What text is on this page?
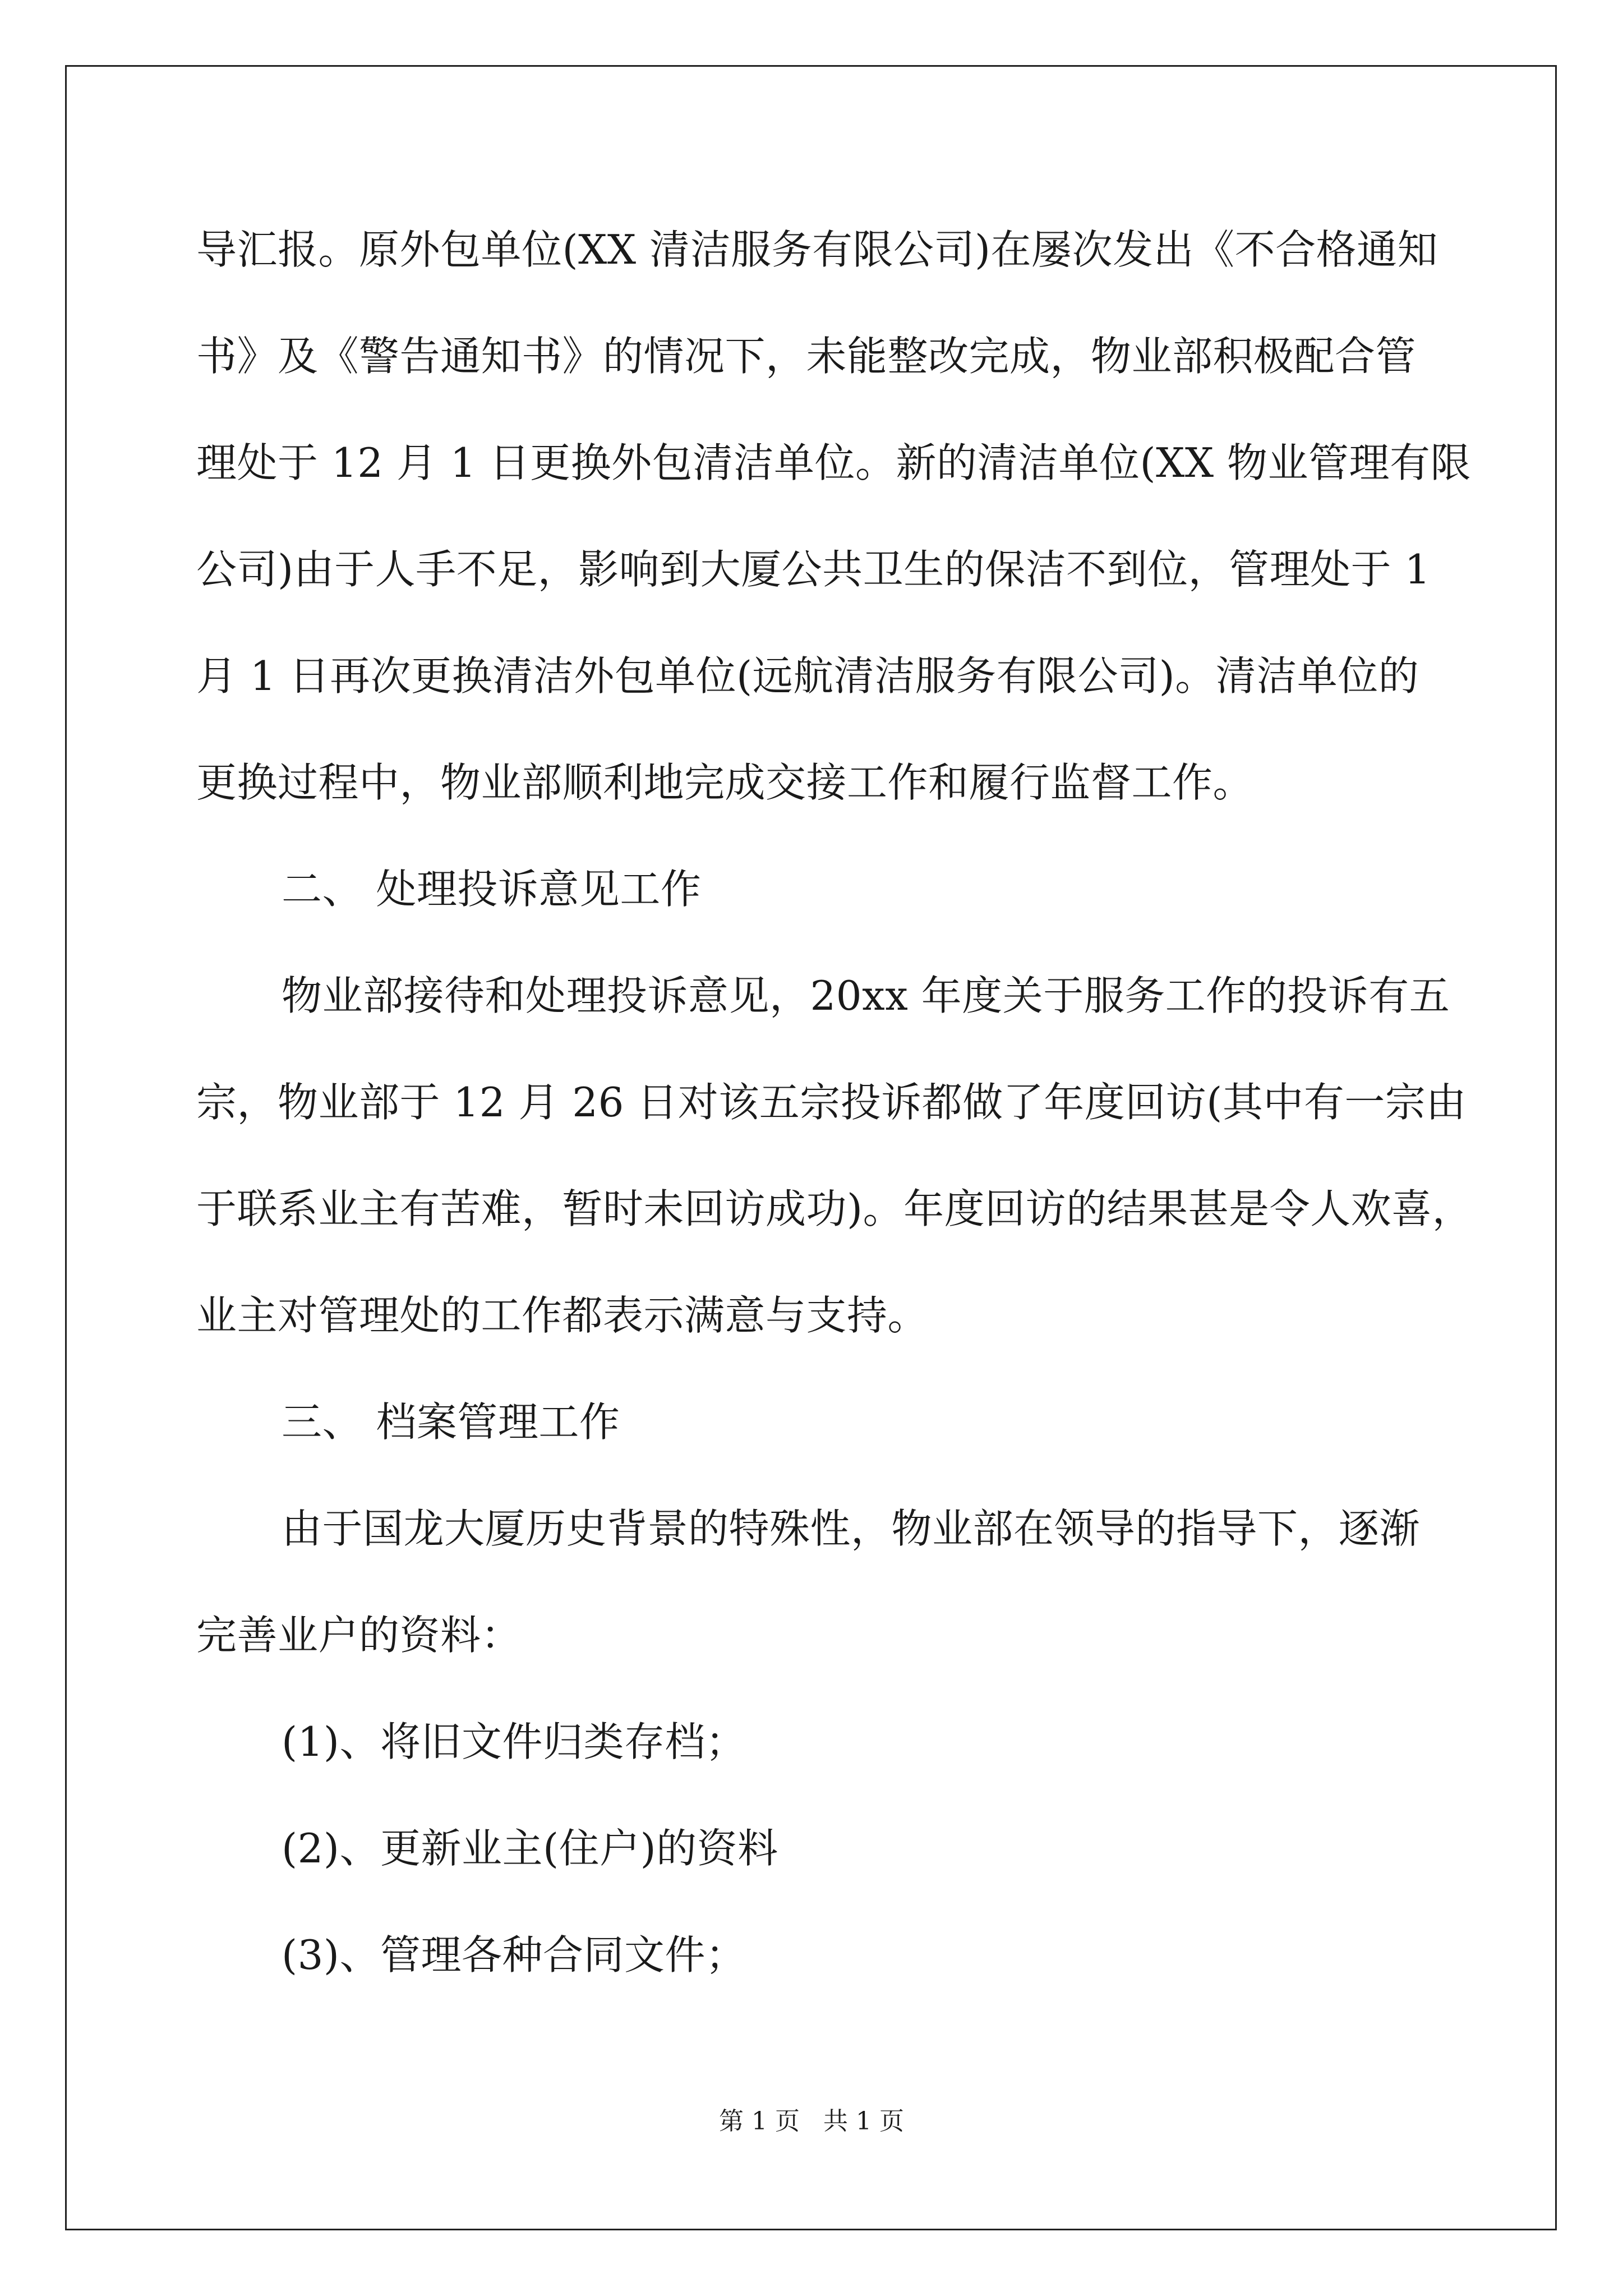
导汇报。原外包单位(XX 清洁服务有限公司)在屡次发出《不合格通知
书》及《警告通知书》的情况下，未能整改完成，物业部积极配合管
理处于 12 月 1 日更换外包清洁单位。新的清洁单位(XX 物业管理有限
公司)由于人手不足，影响到大厦公共卫生的保洁不到位，管理处于 1
月 1 日再次更换清洁外包单位(远航清洁服务有限公司)。清洁单位的
更换过程中，物业部顺利地完成交接工作和履行监督工作。
二、 处理投诉意见工作
物业部接待和处理投诉意见，20xx 年度关于服务工作的投诉有五
宗，物业部于 12 月 26 日对该五宗投诉都做了年度回访(其中有一宗由
于联系业主有苦难，暂时未回访成功)。年度回访的结果甚是令人欢喜，
业主对管理处的工作都表示满意与支持。
三、 档案管理工作
由于国龙大厦历史背景的特殊性，物业部在领导的指导下，逐渐
完善业户的资料：
(1)、将旧文件归类存档；
(2)、更新业主(住户)的资料
(3)、管理各种合同文件；
第 1 页   共 1 页
